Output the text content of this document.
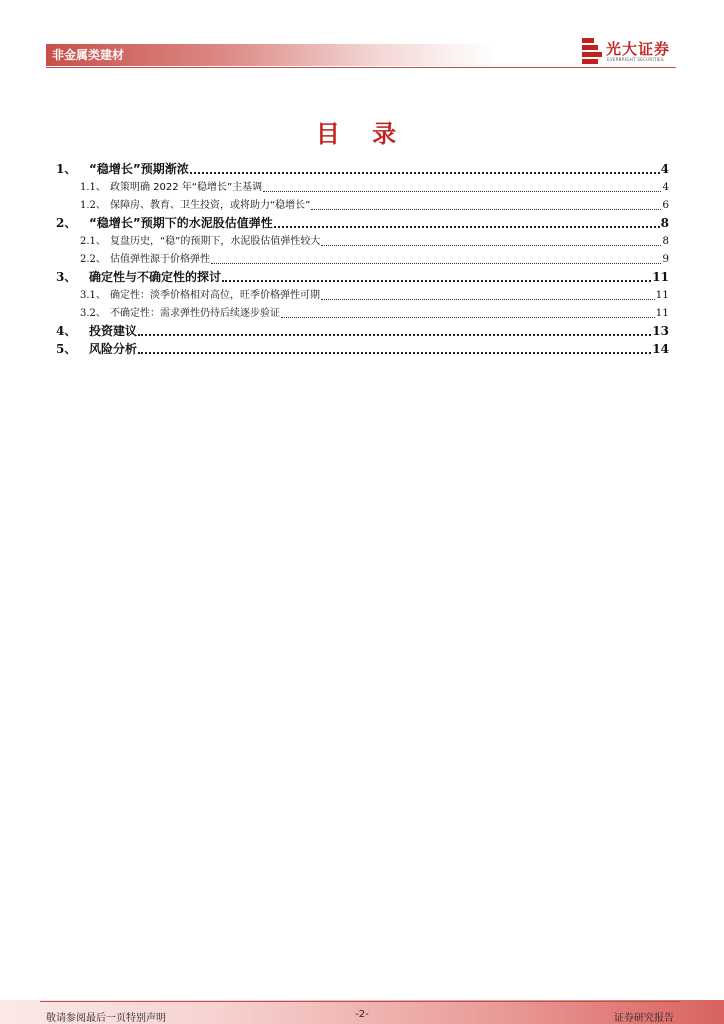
非金属类建材	光大证券
EVERBRIGHT SECURITIES
目 录
1、	“稳增长”预期渐浓	4
1.1、 政策明确 2022 年“稳增长”主基调	4
1.2、 保障房、教育、卫生投资，或将助力“稳增长”	6
2、	“稳增长”预期下的水泥股估值弹性	8
2.1、 复盘历史，“稳”的预期下，水泥股估值弹性较大	8
2.2、 估值弹性源于价格弹性	9
3、	确定性与不确定性的探讨	11
3.1、 确定性：淡季价格相对高位，旺季价格弹性可期	11
3.2、 不确定性：需求弹性仍待后续逐步验证	11
4、	投资建议	13
5、	风险分析	14
敬请参阅最后一页特别声明	-2-	证券研究报告
